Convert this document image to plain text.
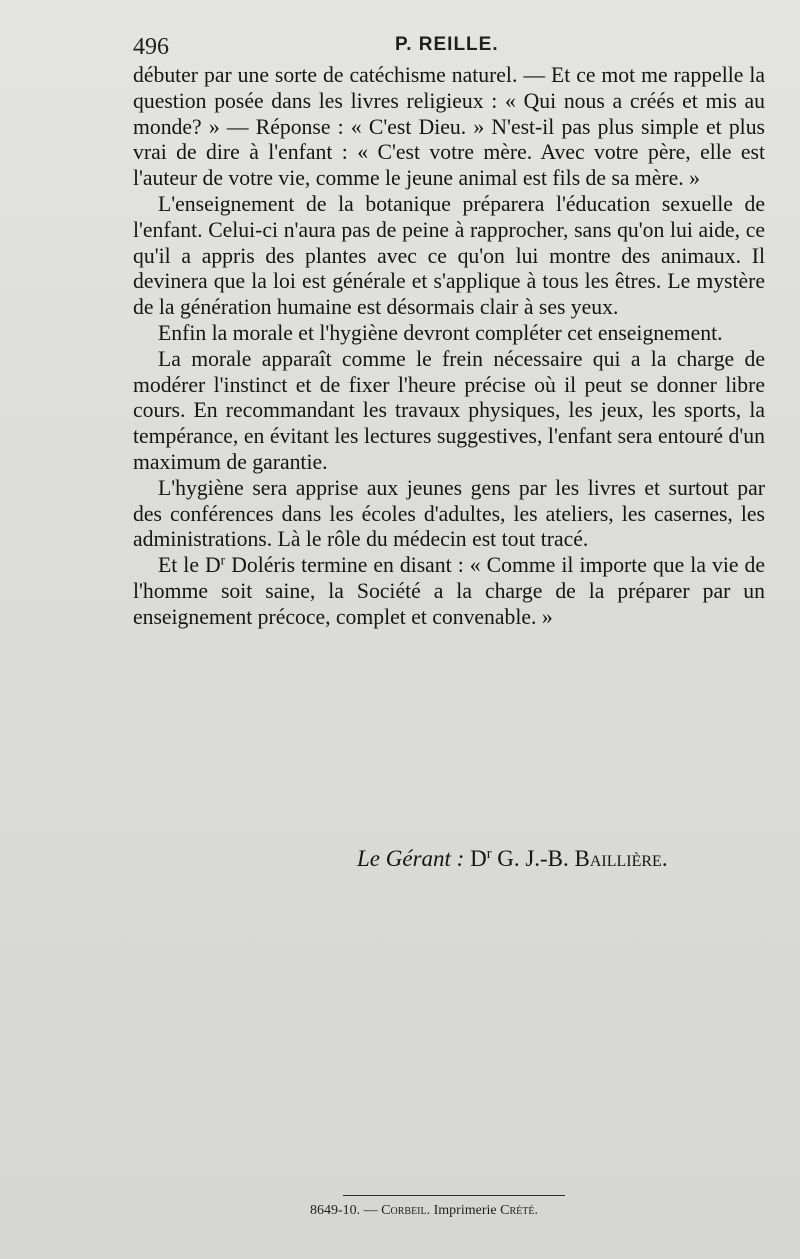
496	P. REILLE.

débuter par une sorte de catéchisme naturel. — Et ce mot me rappelle la question posée dans les livres religieux : « Qui nous a créés et mis au monde? » — Réponse : « C'est Dieu. » N'est-il pas plus simple et plus vrai de dire à l'enfant : « C'est votre mère. Avec votre père, elle est l'auteur de votre vie, comme le jeune animal est fils de sa mère. »

L'enseignement de la botanique préparera l'éducation sexuelle de l'enfant. Celui-ci n'aura pas de peine à rapprocher, sans qu'on lui aide, ce qu'il a appris des plantes avec ce qu'on lui montre des animaux. Il devinera que la loi est générale et s'applique à tous les êtres. Le mystère de la génération humaine est désormais clair à ses yeux.

Enfin la morale et l'hygiène devront compléter cet enseignement.

La morale apparaît comme le frein nécessaire qui a la charge de modérer l'instinct et de fixer l'heure précise où il peut se donner libre cours. En recommandant les travaux physiques, les jeux, les sports, la tempérance, en évitant les lectures suggestives, l'enfant sera entouré d'un maximum de garantie.

L'hygiène sera apprise aux jeunes gens par les livres et surtout par des conférences dans les écoles d'adultes, les ateliers, les casernes, les administrations. Là le rôle du médecin est tout tracé.

Et le $D^r$ Doléris termine en disant : « Comme il importe que la vie de l'homme soit saine, la Société a la charge de la préparer par un enseignement précoce, complet et convenable. »

Le Gérant : $D^r$ G. J.-B. Baillière.
8649-10. — Corbeil. Imprimerie Crété.
